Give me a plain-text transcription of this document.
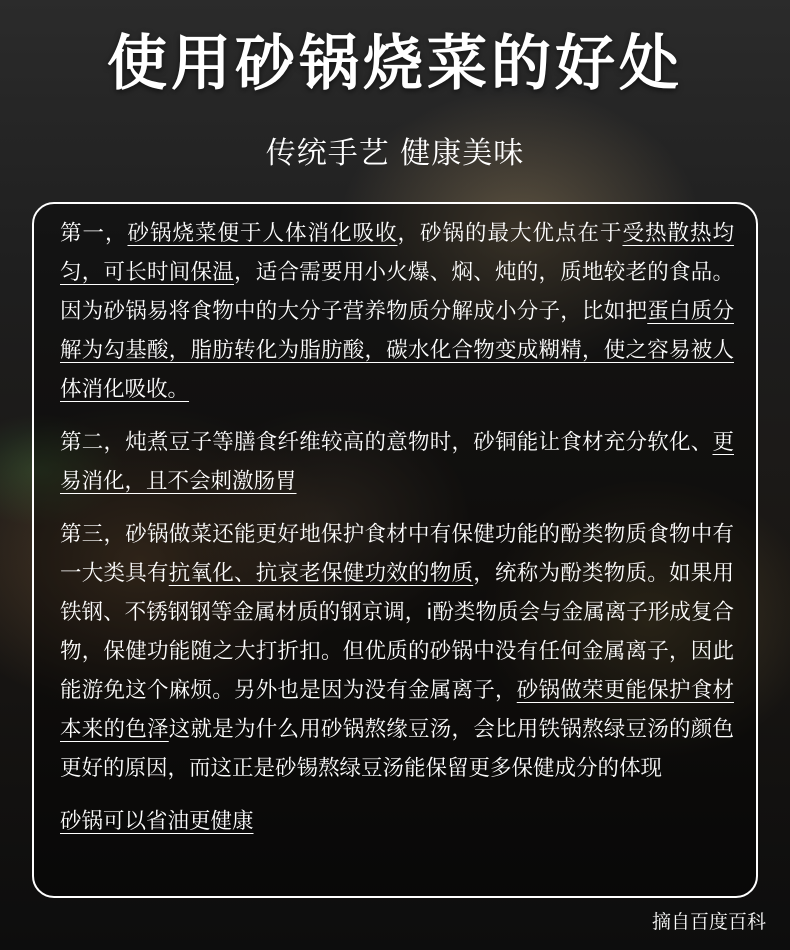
使用砂锅烧菜的好处
传统手艺 健康美味

第一，砂锅烧菜便于人体消化吸收，砂锅的最大优点在于受热散热均匀，可长时间保温，适合需要用小火爆、焖、炖的，质地较老的食品。因为砂锅易将食物中的大分子营养物质分解成小分子，比如把蛋白质分解为勾基酸，脂肪转化为脂肪酸，碳水化合物变成糊精，使之容易被人体消化吸收。

第二，炖煮豆子等膳食纤维较高的意物时，砂铜能让食材充分软化、更易消化，且不会刺激肠胃

第三，砂锅做菜还能更好地保护食材中有保健功能的酚类物质食物中有一大类具有抗氧化、抗哀老保健功效的物质，统称为酚类物质。如果用铁钢、不锈钢钢等金属材质的钢京调，i酚类物质会与金属离子形成复合物，保健功能随之大打折扣。但优质的砂锅中没有任何金属离子，因此能游免这个麻烦。另外也是因为没有金属离子，砂锅做荣更能保护食材本来的色泽这就是为什么用砂锅熬缘豆汤，会比用铁锅熬绿豆汤的颜色更好的原因，而这正是砂锡熬绿豆汤能保留更多保健成分的体现

砂锅可以省油更健康

摘自百度百科
